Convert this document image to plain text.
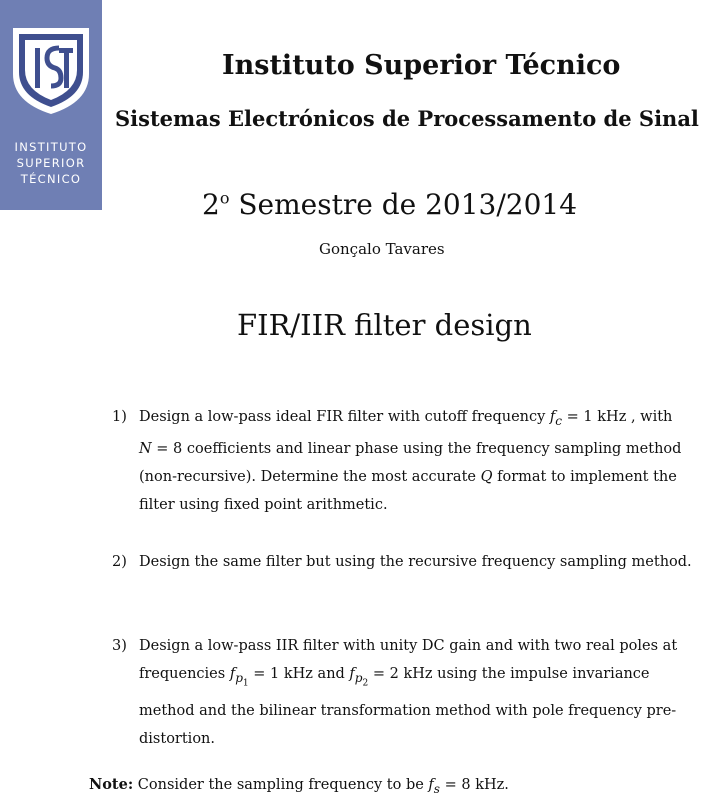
INSTITUTO
SUPERIOR
TÉCNICO
Instituto Superior Técnico
Sistemas Electrónicos de Processamento de Sinal
2$^o$ Semestre de 2013/2014
Gonçalo Tavares
FIR/IIR filter design
1) Design a low-pass ideal FIR filter with cutoff frequency $f_c = 1$ kHz , with
N = 8 coefficients and linear phase using the frequency sampling method
(non-recursive). Determine the most accurate Q format to implement the
filter using fixed point arithmetic.
2) Design the same filter but using the recursive frequency sampling method.
3) Design a low-pass IIR filter with unity DC gain and with two real poles at
frequencies $f_{p_1} = 1$ kHz and $f_{p_2} = 2$ kHz using the impulse invariance
method and the bilinear transformation method with pole frequency pre-
distortion.
Note: Consider the sampling frequency to be $f_s = 8$ kHz.
